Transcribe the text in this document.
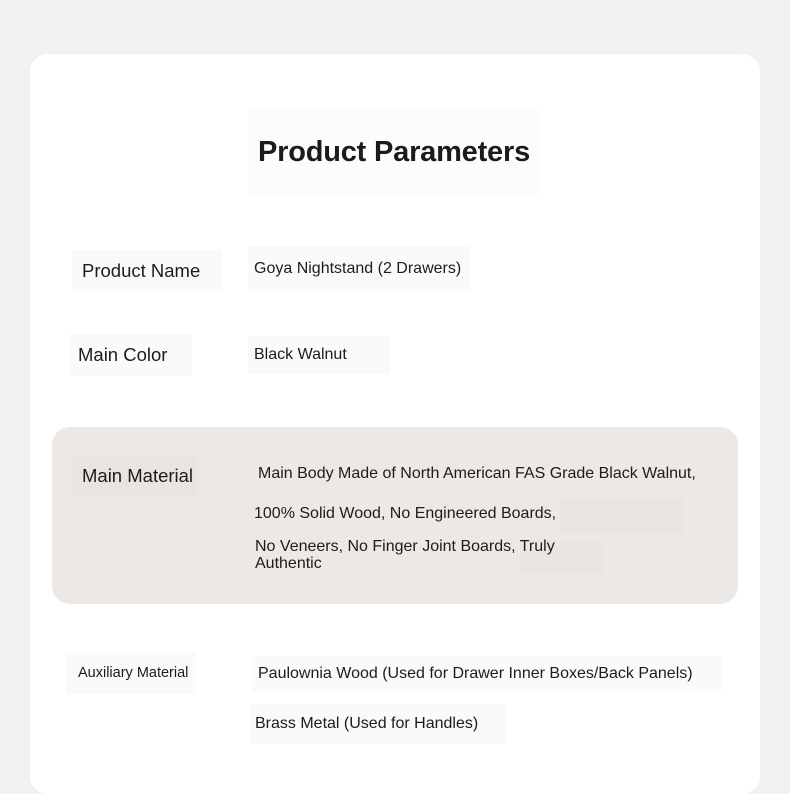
Product Parameters
Product Name	Goya Nightstand (2 Drawers)
Main Color	Black Walnut
Main Material	Main Body Made of North American FAS Grade Black Walnut,
100% Solid Wood, No Engineered Boards,
No Veneers, No Finger Joint Boards, Truly Authentic
Auxiliary Material	Paulownia Wood (Used for Drawer Inner Boxes/Back Panels)
Brass Metal (Used for Handles)
